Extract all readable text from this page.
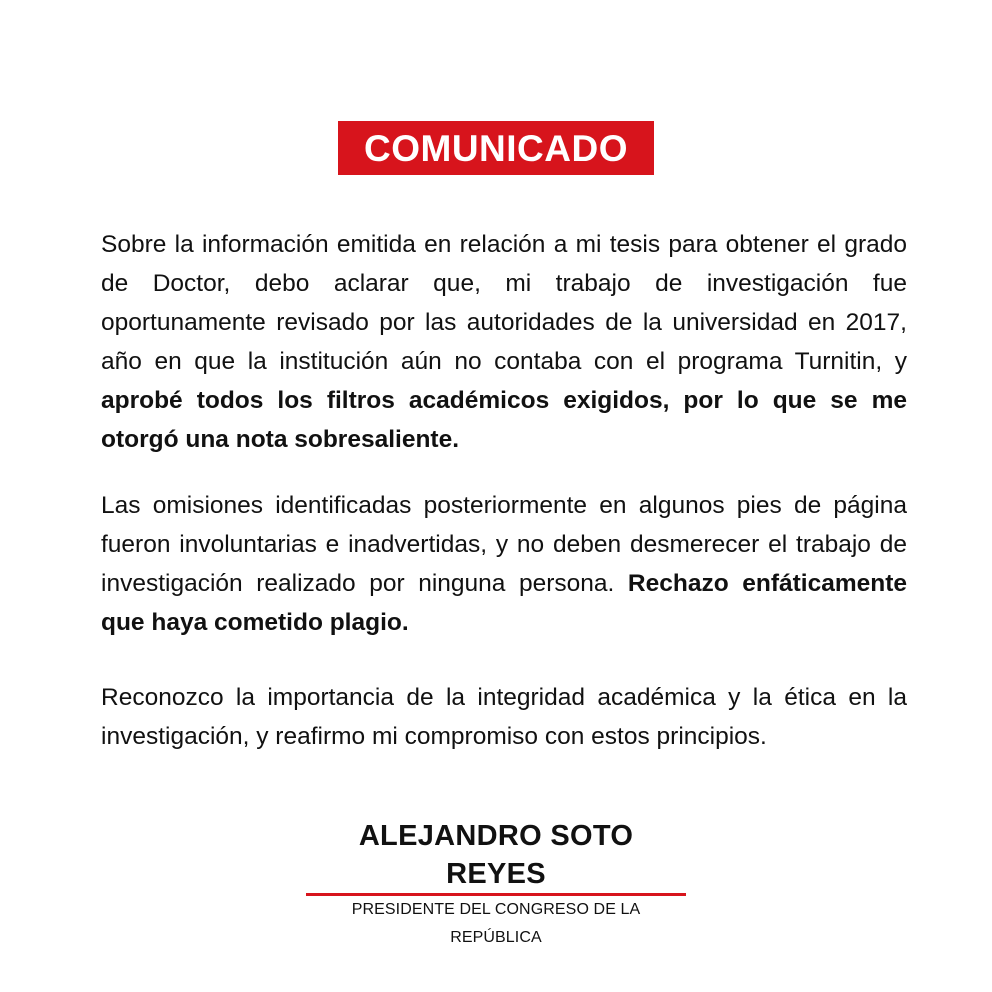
COMUNICADO

Sobre la información emitida en relación a mi tesis para obtener el grado de Doctor, debo aclarar que, mi trabajo de investigación fue oportunamente revisado por las autoridades de la universidad en 2017, año en que la institución aún no contaba con el programa Turnitin, y aprobé todos los filtros académicos exigidos, por lo que se me otorgó una nota sobresaliente.

Las omisiones identificadas posteriormente en algunos pies de página fueron involuntarias e inadvertidas, y no deben desmerecer el trabajo de investigación realizado por ninguna persona. Rechazo enfáticamente que haya cometido plagio.

Reconozco la importancia de la integridad académica y la ética en la investigación, y reafirmo mi compromiso con estos principios.

ALEJANDRO SOTO REYES
PRESIDENTE DEL CONGRESO DE LA REPÚBLICA
